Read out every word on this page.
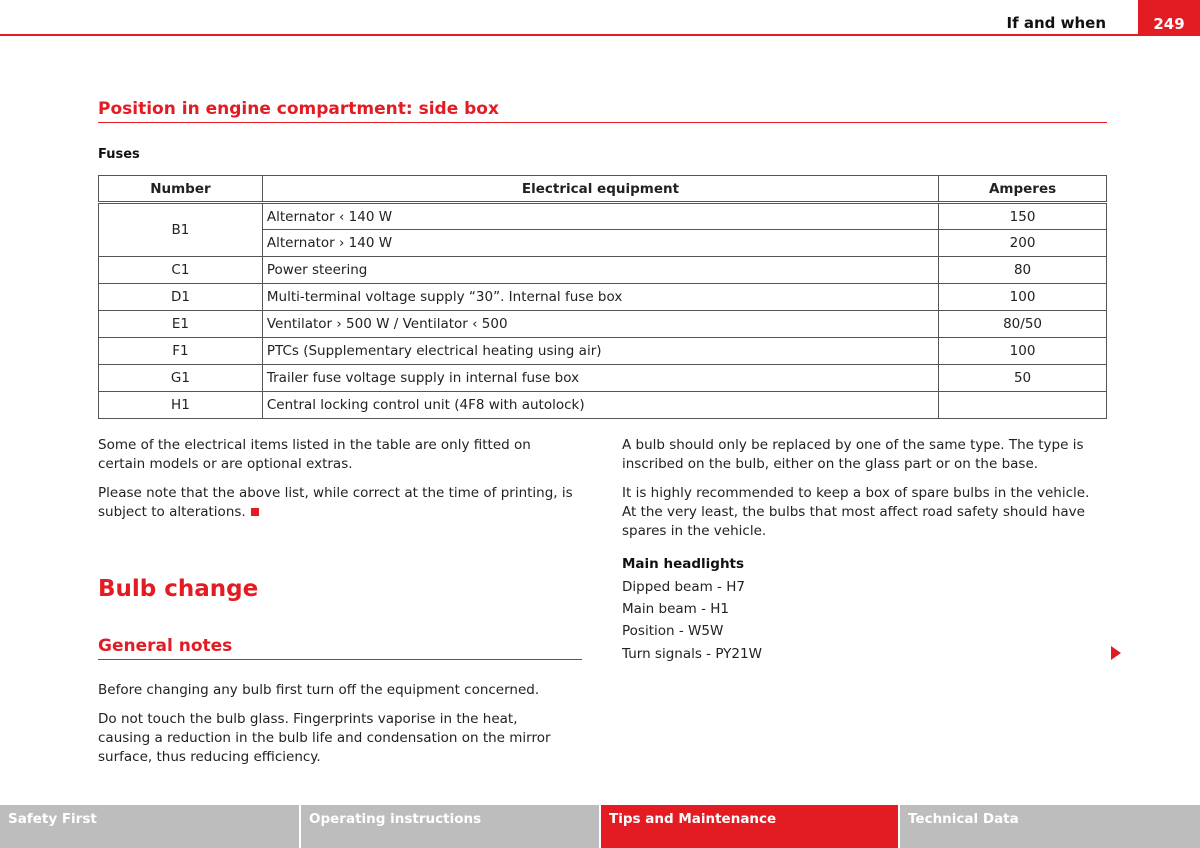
If and when	249
Position in engine compartment: side box
Fuses
Number	Electrical equipment	Amperes
B1	Alternator ‹ 140 W	150
	Alternator › 140 W	200
C1	Power steering	80
D1	Multi-terminal voltage supply “30”. Internal fuse box	100
E1	Ventilator › 500 W / Ventilator ‹ 500	80/50
F1	PTCs (Supplementary electrical heating using air)	100
G1	Trailer fuse voltage supply in internal fuse box	50
H1	Central locking control unit (4F8 with autolock)	
Some of the electrical items listed in the table are only fitted on certain models or are optional extras.
Please note that the above list, while correct at the time of printing, is subject to alterations.
Bulb change
General notes
Before changing any bulb first turn off the equipment concerned.
Do not touch the bulb glass. Fingerprints vaporise in the heat, causing a reduction in the bulb life and condensation on the mirror surface, thus reducing efficiency.
A bulb should only be replaced by one of the same type. The type is inscribed on the bulb, either on the glass part or on the base.
It is highly recommended to keep a box of spare bulbs in the vehicle. At the very least, the bulbs that most affect road safety should have spares in the vehicle.
Main headlights
Dipped beam - H7
Main beam - H1
Position - W5W
Turn signals - PY21W
Safety First	Operating instructions	Tips and Maintenance	Technical Data
